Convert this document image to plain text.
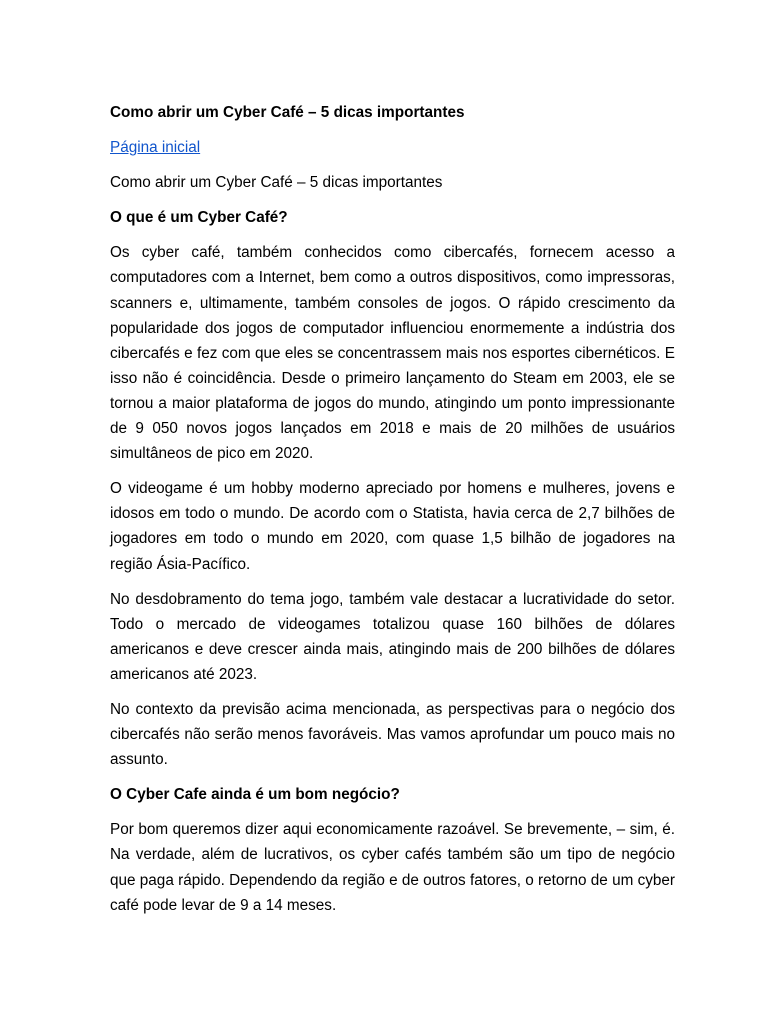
Como abrir um Cyber Café – 5 dicas importantes

Página inicial

Como abrir um Cyber Café – 5 dicas importantes

O que é um Cyber Café?

Os cyber café, também conhecidos como cibercafés, fornecem acesso a computadores com a Internet, bem como a outros dispositivos, como impressoras, scanners e, ultimamente, também consoles de jogos. O rápido crescimento da popularidade dos jogos de computador influenciou enormemente a indústria dos cibercafés e fez com que eles se concentrassem mais nos esportes cibernéticos. E isso não é coincidência. Desde o primeiro lançamento do Steam em 2003, ele se tornou a maior plataforma de jogos do mundo, atingindo um ponto impressionante de 9 050 novos jogos lançados em 2018 e mais de 20 milhões de usuários simultâneos de pico em 2020.

O videogame é um hobby moderno apreciado por homens e mulheres, jovens e idosos em todo o mundo. De acordo com o Statista, havia cerca de 2,7 bilhões de jogadores em todo o mundo em 2020, com quase 1,5 bilhão de jogadores na região Ásia-Pacífico.

No desdobramento do tema jogo, também vale destacar a lucratividade do setor. Todo o mercado de videogames totalizou quase 160 bilhões de dólares americanos e deve crescer ainda mais, atingindo mais de 200 bilhões de dólares americanos até 2023.

No contexto da previsão acima mencionada, as perspectivas para o negócio dos cibercafés não serão menos favoráveis. Mas vamos aprofundar um pouco mais no assunto.

O Cyber Cafe ainda é um bom negócio?

Por bom queremos dizer aqui economicamente razoável. Se brevemente, – sim, é. Na verdade, além de lucrativos, os cyber cafés também são um tipo de negócio que paga rápido. Dependendo da região e de outros fatores, o retorno de um cyber café pode levar de 9 a 14 meses.
